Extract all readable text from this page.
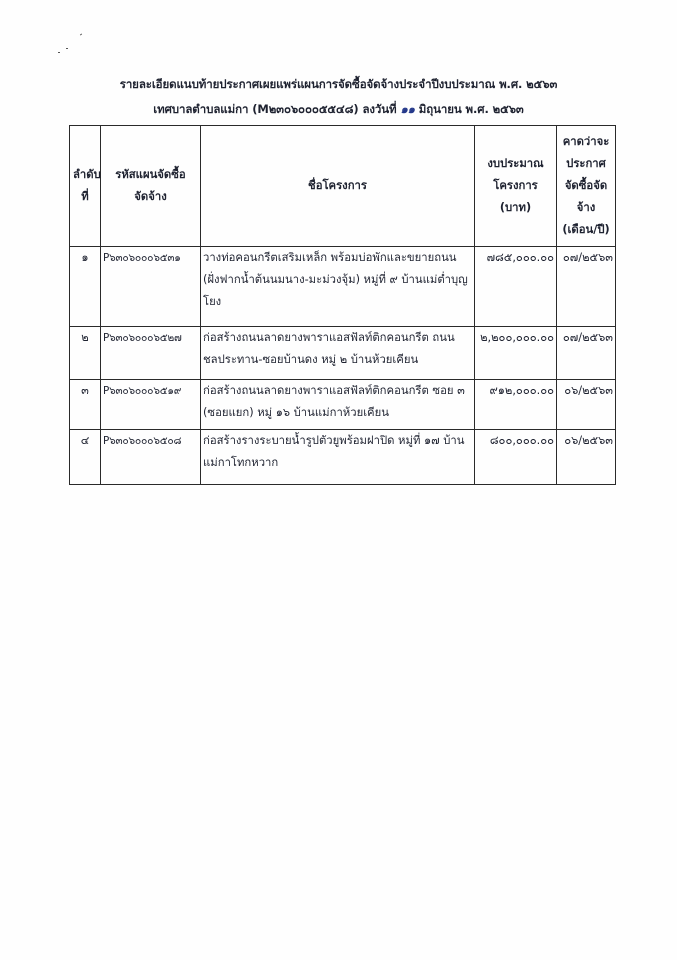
รายละเอียดแนบท้ายประกาศเผยแพร่แผนการจัดซื้อจัดจ้างประจำปีงบประมาณ พ.ศ. ๒๕๖๓
เทศบาลตำบลแม่กา (M๒๓๐๖๐๐๐๕๕๔๘) ลงวันที่ ๑๑ มิถุนายน พ.ศ. ๒๕๖๓
ลำดับที่	รหัสแผนจัดซื้อจัดจ้าง	ชื่อโครงการ	งบประมาณโครงการ (บาท)	คาดว่าจะประกาศจัดซื้อจัดจ้าง (เดือน/ปี)
๑	P๖๓๐๖๐๐๐๖๕๓๑	วางท่อคอนกรีตเสริมเหล็ก พร้อมบ่อพักและขยายถนน (ฝั่งฟากน้ำต้นนมนาง-มะม่วงจุ้ม) หมู่ที่ ๙ บ้านแม่ต่ำบุญโยง	๗๘๕,๐๐๐.๐๐	๐๗/๒๕๖๓
๒	P๖๓๐๖๐๐๐๖๕๒๗	ก่อสร้างถนนลาดยางพาราแอสฟัลท์ติกคอนกรีต ถนนชลประทาน-ซอยบ้านดง หมู่ ๒ บ้านห้วยเคียน	๒,๒๐๐,๐๐๐.๐๐	๐๗/๒๕๖๓
๓	P๖๓๐๖๐๐๐๖๕๑๙	ก่อสร้างถนนลาดยางพาราแอสฟัลท์ติกคอนกรีต ซอย ๓ (ซอยแยก) หมู่ ๑๖ บ้านแม่กาห้วยเคียน	๙๑๒,๐๐๐.๐๐	๐๖/๒๕๖๓
๔	P๖๓๐๖๐๐๐๖๕๐๘	ก่อสร้างรางระบายน้ำรูปตัวยูพร้อมฝาปิด หมู่ที่ ๑๗ บ้านแม่กาโทกหวาก	๘๐๐,๐๐๐.๐๐	๐๖/๒๕๖๓
